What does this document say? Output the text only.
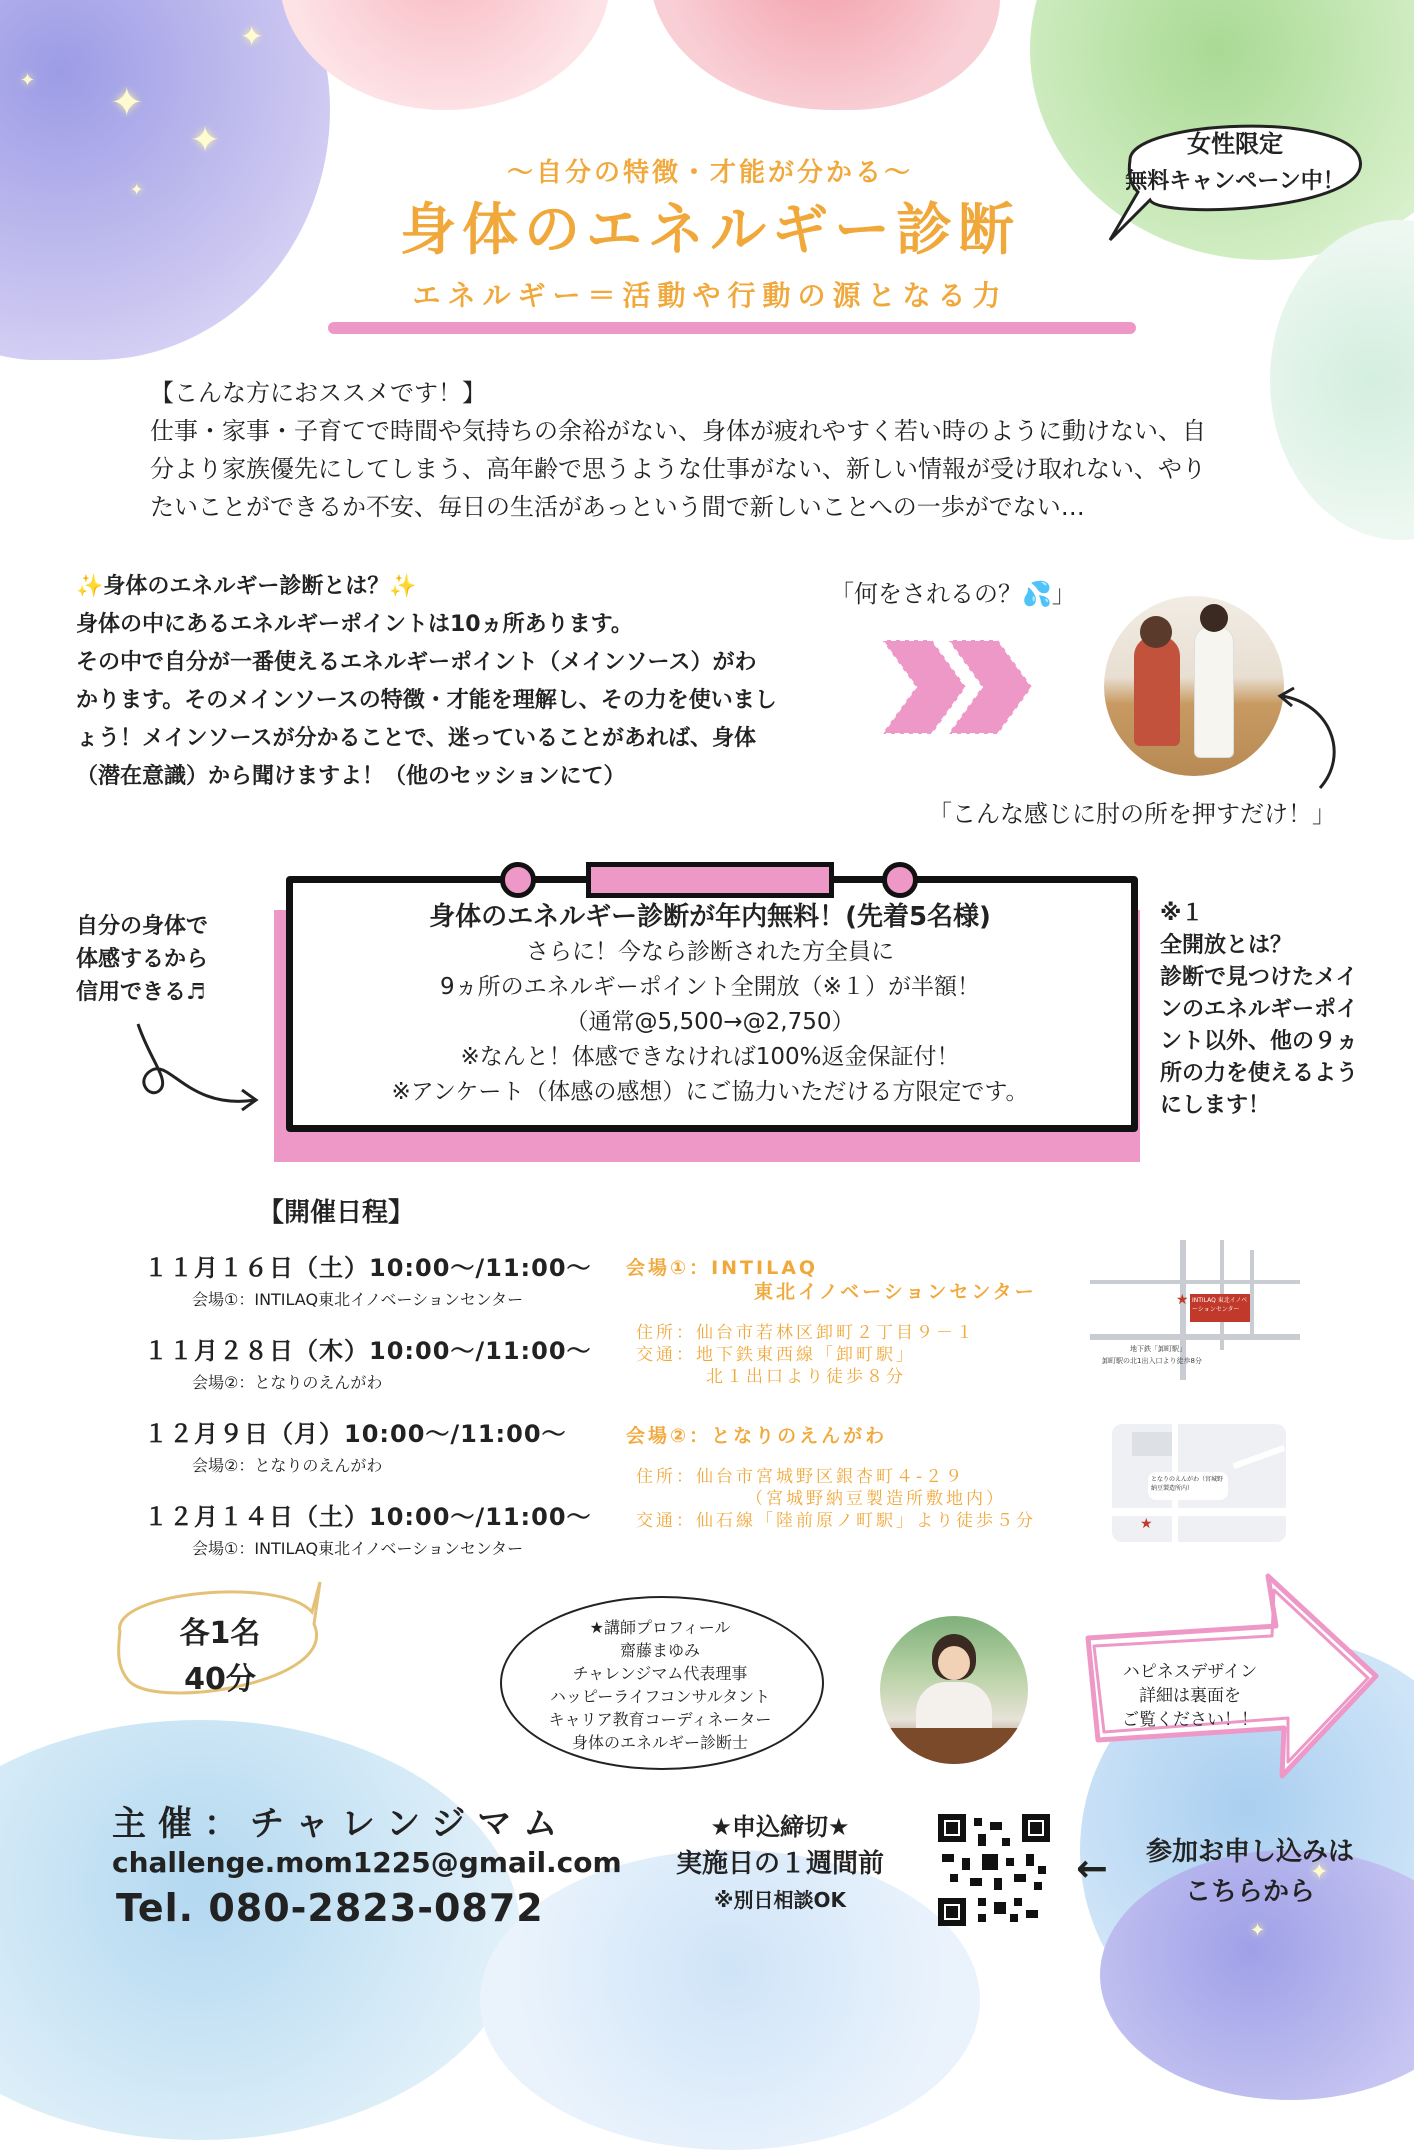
✦
✦
✦
✦
✦
✦
✦
〜自分の特徴・才能が分かる〜
身体のエネルギー診断
エネルギー＝活動や行動の源となる力
女性限定
無料キャンペーン中！
【こんな方におススメです！】
仕事・家事・子育てで時間や気持ちの余裕がない、身体が疲れやすく若い時のように動けない、自
分より家族優先にしてしまう、高年齢で思うような仕事がない、新しい情報が受け取れない、やり
たいことができるか不安、毎日の生活があっという間で新しいことへの一歩がでない…
✨身体のエネルギー診断とは？✨
身体の中にあるエネルギーポイントは10ヵ所あります。
その中で自分が一番使えるエネルギーポイント（メインソース）がわ
かります。そのメインソースの特徴・才能を理解し、その力を使いまし
ょう！メインソースが分かることで、迷っていることがあれば、身体
（潜在意識）から聞けますよ！（他のセッションにて）
「何をされるの？💦」
「こんな感じに肘の所を押すだけ！」
自分の身体で
体感するから
信用できる♬
身体のエネルギー診断が年内無料！(先着5名様)
さらに！今なら診断された方全員に
9ヵ所のエネルギーポイント全開放（※１）が半額！
（通常@5,500→@2,750）
※なんと！体感できなければ100%返金保証付！
※アンケート（体感の感想）にご協力いただける方限定です。
※１
全開放とは？
診断で見つけたメイ
ンのエネルギーポイ
ント以外、他の９ヵ
所の力を使えるよう
にします！
【開催日程】
１１月１６日（土）10:00〜/11:00〜
会場①：INTILAQ東北イノベーションセンター
１１月２８日（木）10:00〜/11:00〜
会場②：となりのえんがわ
１２月９日（月）10:00〜/11:00〜
会場②：となりのえんがわ
１２月１４日（土）10:00〜/11:00〜
会場①：INTILAQ東北イノベーションセンター
会場①：INTILAQ
東北イノベーションセンター
住所：仙台市若林区卸町２丁目９－１
交通：地下鉄東西線「卸町駅」
北１出口より徒歩８分
INTILAQ 東北イノベーションセンター
★
地下鉄「卸町駅」
卸町駅の北1出入口より徒歩8分
会場②：となりのえんがわ
住所：仙台市宮城野区銀杏町４-２９
（宮城野納豆製造所敷地内）
交通：仙石線「陸前原ノ町駅」より徒歩５分
となりのえんがわ（宮城野納豆製造所内）
★
各1名
40分
★講師プロフィール
齋藤まゆみ
チャレンジマム代表理事
ハッピーライフコンサルタント
キャリア教育コーディネーター
身体のエネルギー診断士
ハピネスデザイン
詳細は裏面を
ご覧ください！！
主催：チャレンジマム
challenge.mom1225@gmail.com
Tel. 080-2823-0872
★申込締切★
実施日の１週間前
※別日相談OK
←	参加お申し込みは
こちらから
